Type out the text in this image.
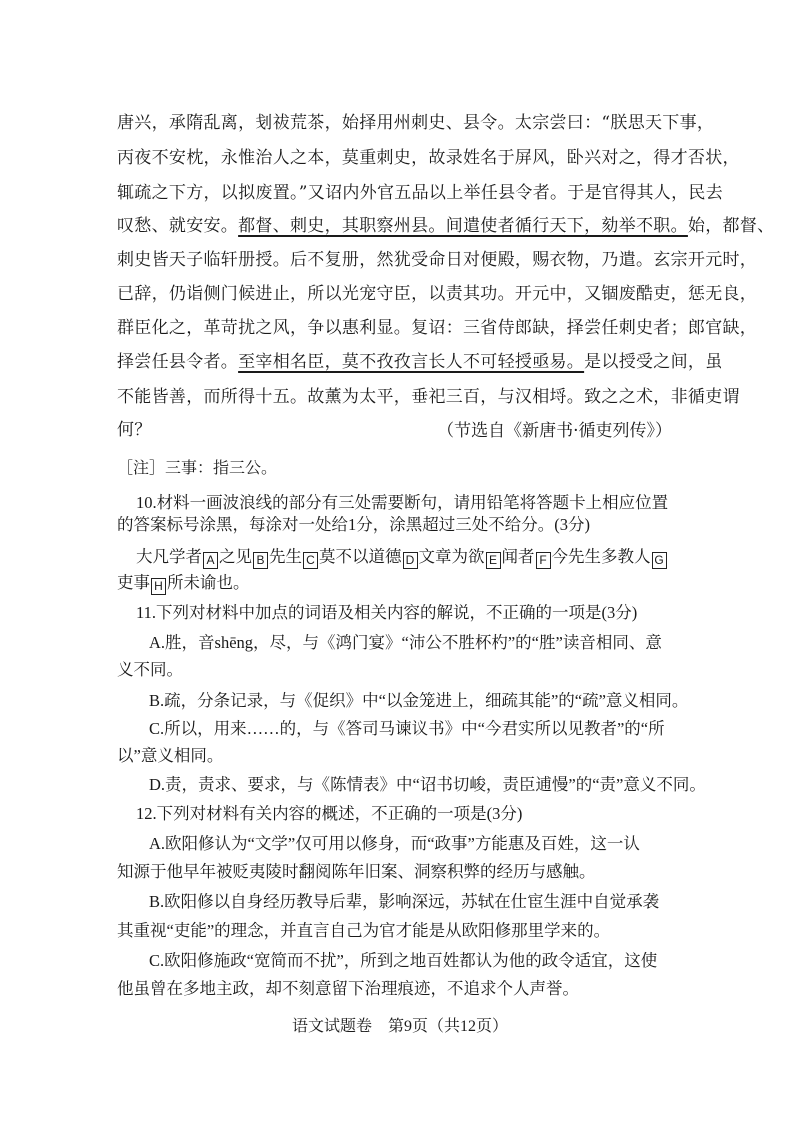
唐兴，承隋乱离，刬祓荒茶，始择用州刺史、县令。太宗尝曰：“朕思天下事，
丙夜不安枕，永惟治人之本，莫重刺史，故录姓名于屏风，卧兴对之，得才否状，
辄疏之下方，以拟废置。”又诏内外官五品以上举任县令者。于是官得其人，民去
叹愁、就安安。都督、刺史，其职察州县。间遣使者循行天下，劾举不职。始，都督、
刺史皆天子临轩册授。后不复册，然犹受命日对便殿，赐衣物，乃遣。玄宗开元时，
已辞，仍诣侧门候进止，所以光宠守臣，以责其功。开元中，又锢废酷吏，惩无良，
群臣化之，革苛扰之风，争以惠利显。复诏：三省侍郎缺，择尝任刺史者；郎官缺，
择尝任县令者。至宰相名臣，莫不孜孜言长人不可轻授亟易。是以授受之间，虽
不能皆善，而所得十五。故薰为太平，垂祀三百，与汉相埒。致之之术，非循吏谓
何？	（节选自《新唐书·循吏列传》）
［注］三事：指三公。
10.材料一画波浪线的部分有三处需要断句，请用铅笔将答题卡上相应位置
的答案标号涂黑，每涂对一处给1分，涂黑超过三处不给分。(3分)
大凡学者 A 之见 B 先生 C 莫不以道德 D 文章为欲 E 闻者 F 今先生多教人 G
吏事 H 所未谕也。
11.下列对材料中加点的词语及相关内容的解说，不正确的一项是(3分)
A.胜，音shēng，尽，与《鸿门宴》“沛公不胜杯杓”的“胜”读音相同、意
义不同。
B.疏，分条记录，与《促织》中“以金笼进上，细疏其能”的“疏”意义相同。
C.所以，用来……的，与《答司马谏议书》中“今君实所以见教者”的“所
以”意义相同。
D.责，责求、要求，与《陈情表》中“诏书切峻，责臣逋慢”的“责”意义不同。
12.下列对材料有关内容的概述，不正确的一项是(3分)
A.欧阳修认为“文学”仅可用以修身，而“政事”方能惠及百姓，这一认
知源于他早年被贬夷陵时翻阅陈年旧案、洞察积弊的经历与感触。
B.欧阳修以自身经历教导后辈，影响深远，苏轼在仕宦生涯中自觉承袭
其重视“吏能”的理念，并直言自己为官才能是从欧阳修那里学来的。
C.欧阳修施政“宽简而不扰”，所到之地百姓都认为他的政令适宜，这使
他虽曾在多地主政，却不刻意留下治理痕迹，不追求个人声誉。
语文试题卷　第9页（共12页）
